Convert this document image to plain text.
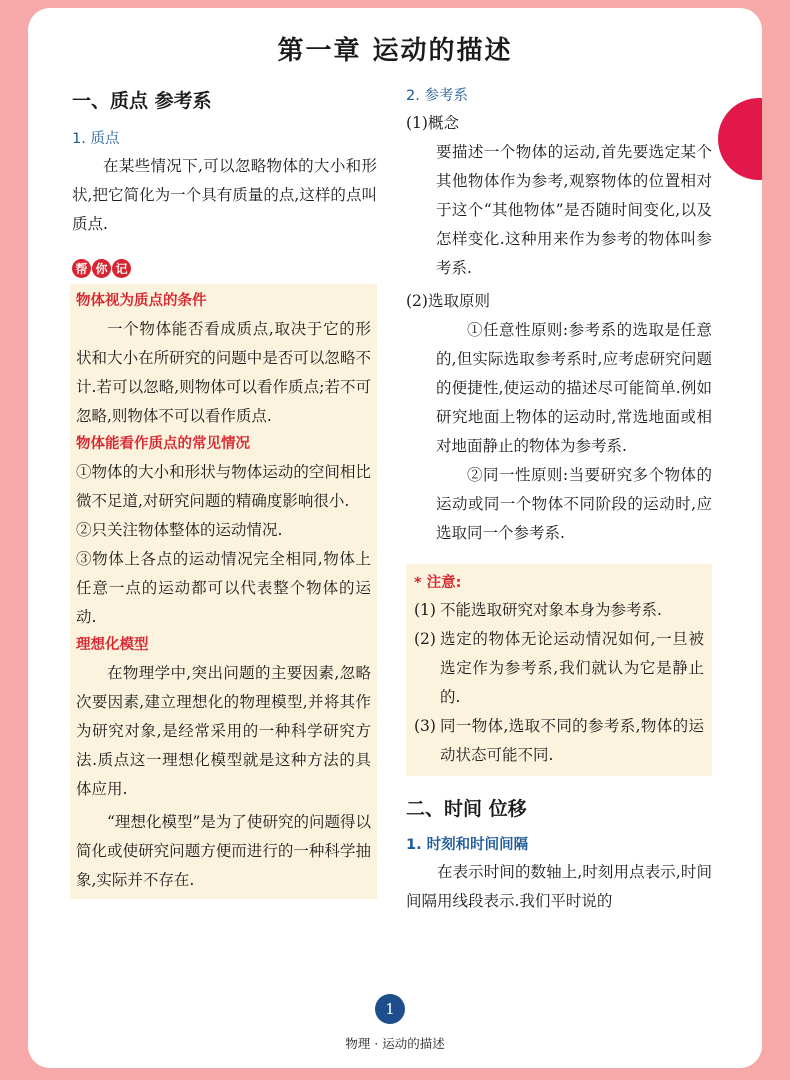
第一章 运动的描述
一、质点 参考系
1. 质点

在某些情况下,可以忽略物体的大小和形状,把它简化为一个具有质量的点,这样的点叫质点.

帮 你 记
物体视为质点的条件

一个物体能否看成质点,取决于它的形状和大小在所研究的问题中是否可以忽略不计.若可以忽略,则物体可以看作质点;若不可忽略,则物体不可以看作质点.

物体能看作质点的常见情况

①物体的大小和形状与物体运动的空间相比微不足道,对研究问题的精确度影响很小.

②只关注物体整体的运动情况.

③物体上各点的运动情况完全相同,物体上任意一点的运动都可以代表整个物体的运动.

理想化模型

在物理学中,突出问题的主要因素,忽略次要因素,建立理想化的物理模型,并将其作为研究对象,是经常采用的一种科学研究方法.质点这一理想化模型就是这种方法的具体应用.

“理想化模型”是为了使研究的问题得以简化或使研究问题方便而进行的一种科学抽象,实际并不存在.

2. 参考系
(1)概念

要描述一个物体的运动,首先要选定某个其他物体作为参考,观察物体的位置相对于这个“其他物体”是否随时间变化,以及怎样变化.这种用来作为参考的物体叫参考系.

(2)选取原则

①任意性原则:参考系的选取是任意的,但实际选取参考系时,应考虑研究问题的便捷性,使运动的描述尽可能简单.例如研究地面上物体的运动时,常选地面或相对地面静止的物体为参考系.

②同一性原则:当要研究多个物体的运动或同一个物体不同阶段的运动时,应选取同一个参考系.

* 注意:
(1) 不能选取研究对象本身为参考系.
(2) 选定的物体无论运动情况如何,一旦被选定作为参考系,我们就认为它是静止的.
(3) 同一物体,选取不同的参考系,物体的运动状态可能不同.
二、时间 位移
1. 时刻和时间间隔

在表示时间的数轴上,时刻用点表示,时间间隔用线段表示.我们平时说的

1
物理 · 运动的描述
